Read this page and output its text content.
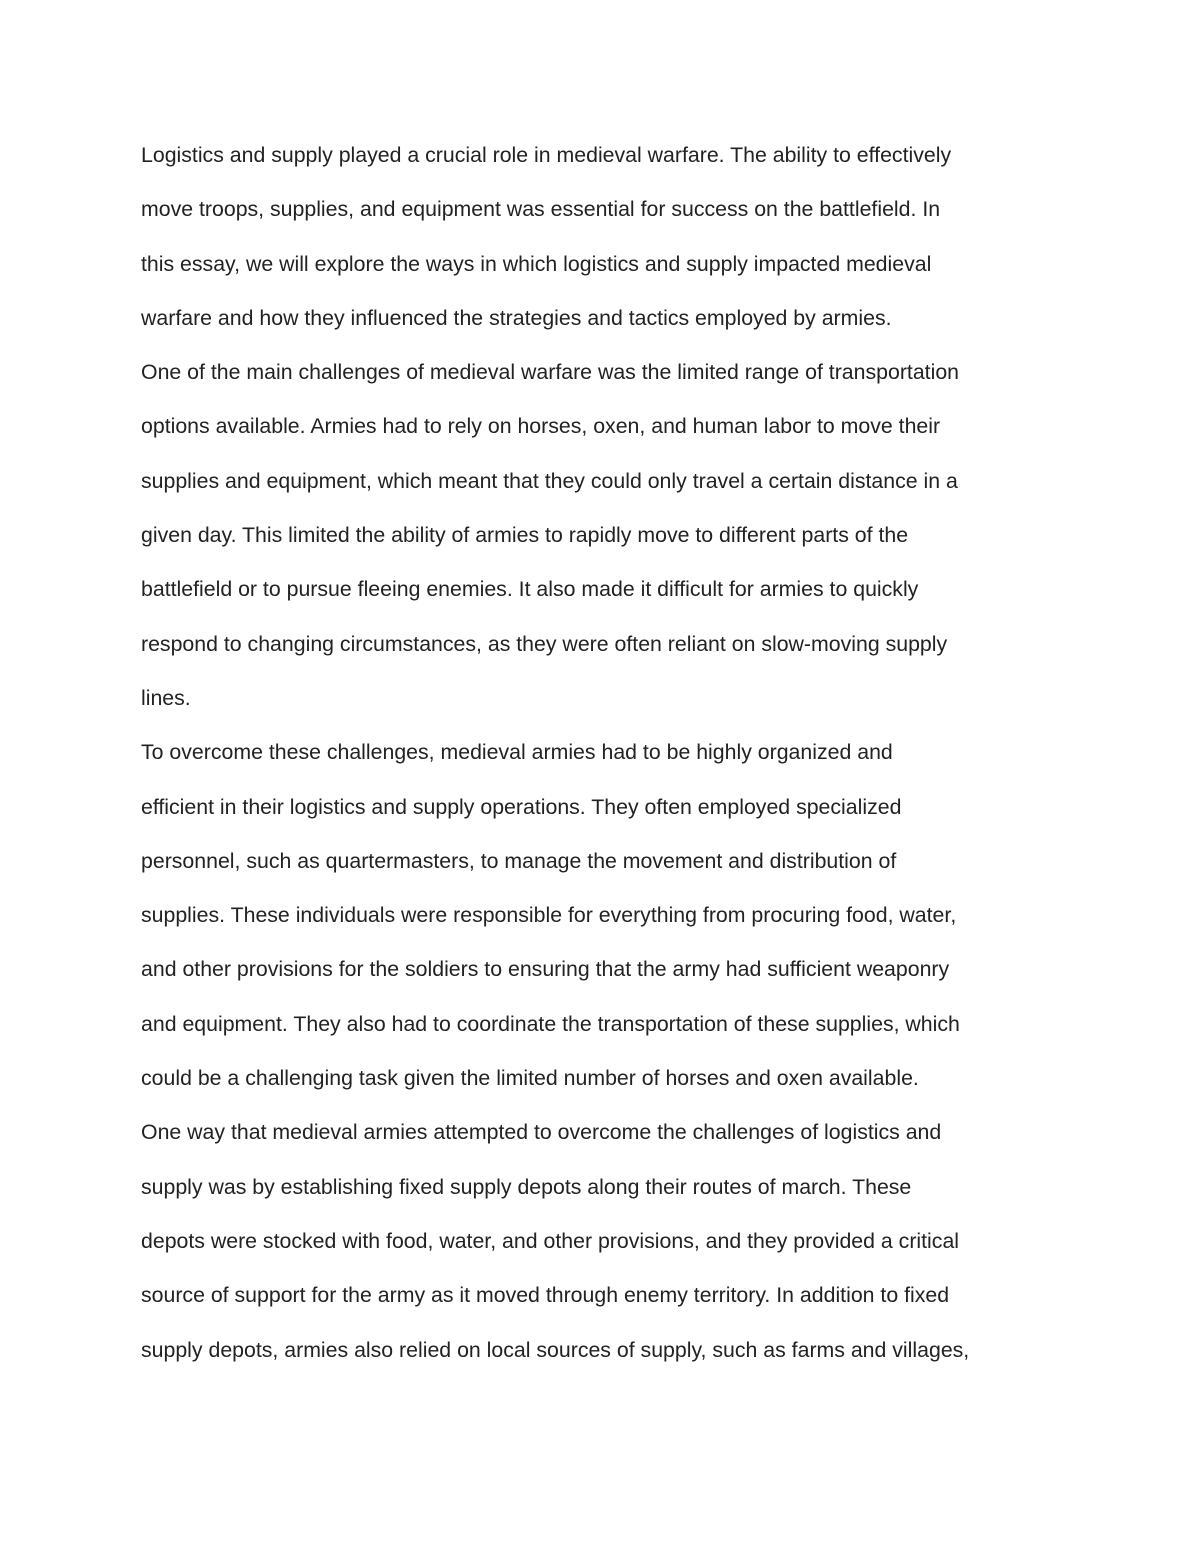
Logistics and supply played a crucial role in medieval warfare. The ability to effectively
move troops, supplies, and equipment was essential for success on the battlefield. In
this essay, we will explore the ways in which logistics and supply impacted medieval
warfare and how they influenced the strategies and tactics employed by armies.
One of the main challenges of medieval warfare was the limited range of transportation
options available. Armies had to rely on horses, oxen, and human labor to move their
supplies and equipment, which meant that they could only travel a certain distance in a
given day. This limited the ability of armies to rapidly move to different parts of the
battlefield or to pursue fleeing enemies. It also made it difficult for armies to quickly
respond to changing circumstances, as they were often reliant on slow-moving supply
lines.
To overcome these challenges, medieval armies had to be highly organized and
efficient in their logistics and supply operations. They often employed specialized
personnel, such as quartermasters, to manage the movement and distribution of
supplies. These individuals were responsible for everything from procuring food, water,
and other provisions for the soldiers to ensuring that the army had sufficient weaponry
and equipment. They also had to coordinate the transportation of these supplies, which
could be a challenging task given the limited number of horses and oxen available.
One way that medieval armies attempted to overcome the challenges of logistics and
supply was by establishing fixed supply depots along their routes of march. These
depots were stocked with food, water, and other provisions, and they provided a critical
source of support for the army as it moved through enemy territory. In addition to fixed
supply depots, armies also relied on local sources of supply, such as farms and villages,
